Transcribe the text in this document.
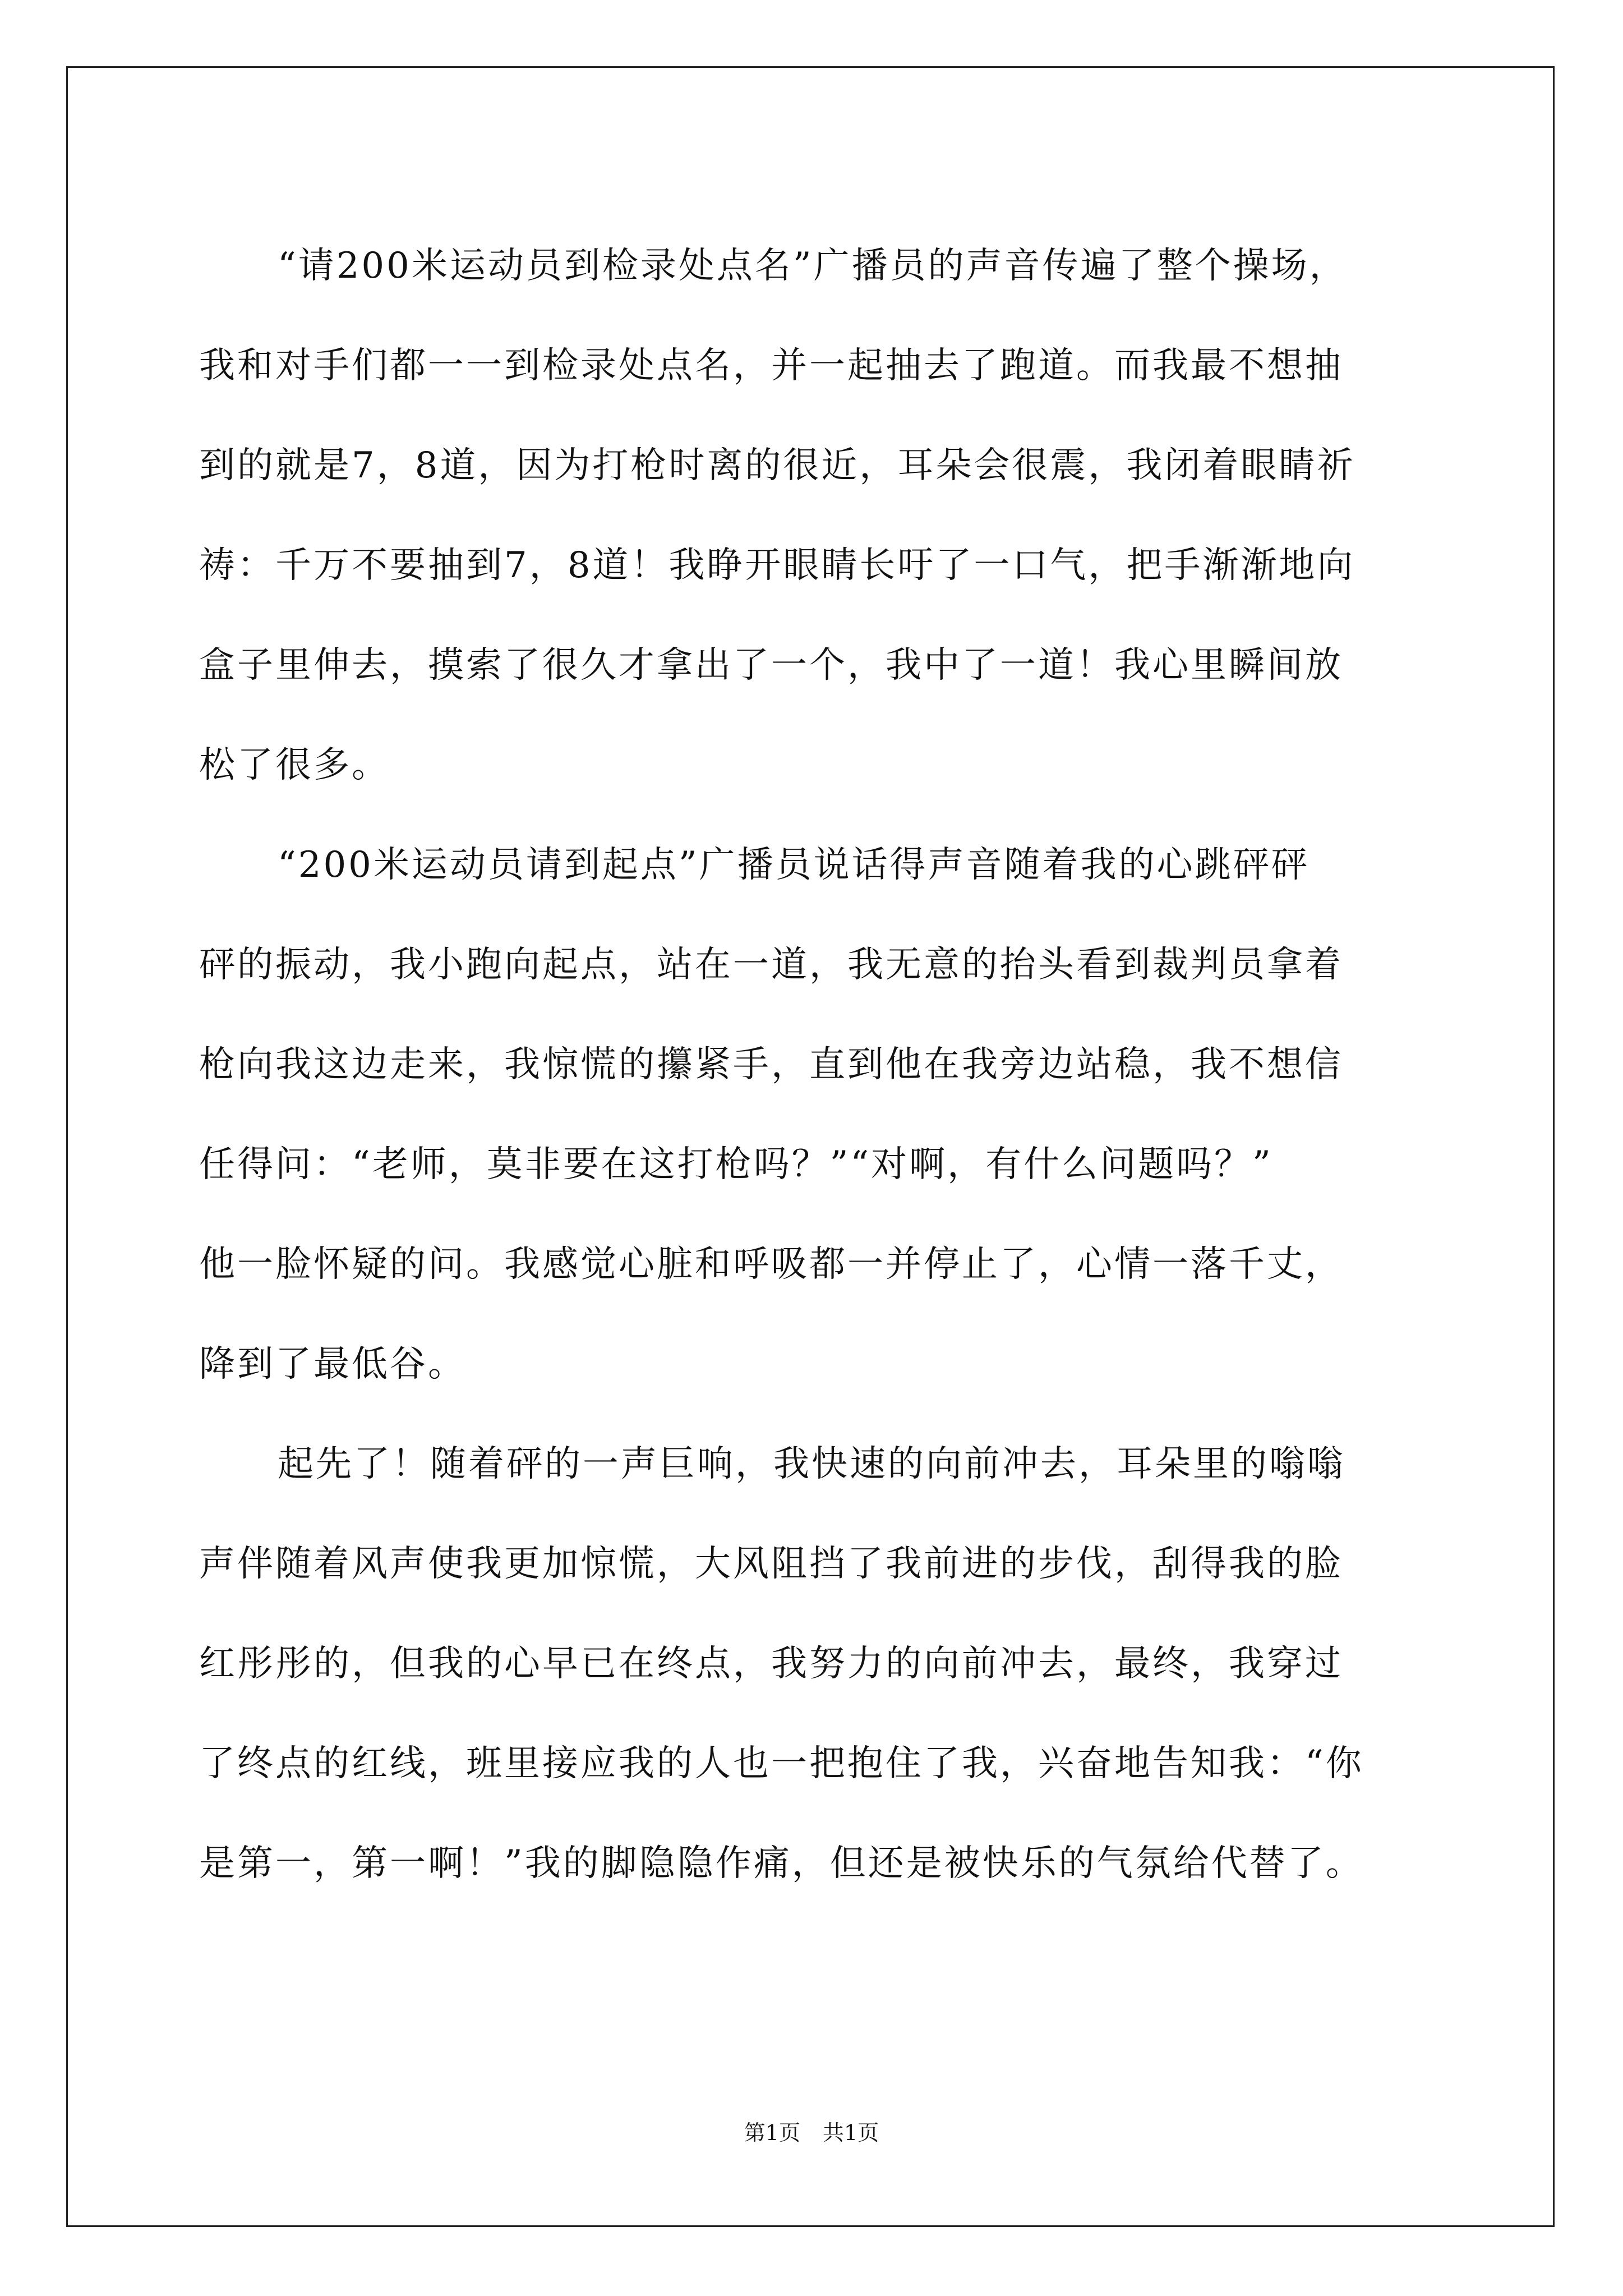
“请200米运动员到检录处点名”广播员的声音传遍了整个操场，
我和对手们都一一到检录处点名，并一起抽去了跑道。而我最不想抽
到的就是7，8道，因为打枪时离的很近，耳朵会很震，我闭着眼睛祈
祷：千万不要抽到7，8道！我睁开眼睛长吁了一口气，把手渐渐地向
盒子里伸去，摸索了很久才拿出了一个，我中了一道！我心里瞬间放
松了很多。
“200米运动员请到起点”广播员说话得声音随着我的心跳砰砰
砰的振动，我小跑向起点，站在一道，我无意的抬头看到裁判员拿着
枪向我这边走来，我惊慌的攥紧手，直到他在我旁边站稳，我不想信
任得问：“老师，莫非要在这打枪吗？”“对啊，有什么问题吗？”
他一脸怀疑的问。我感觉心脏和呼吸都一并停止了，心情一落千丈，
降到了最低谷。
起先了！随着砰的一声巨响，我快速的向前冲去，耳朵里的嗡嗡
声伴随着风声使我更加惊慌，大风阻挡了我前进的步伐，刮得我的脸
红彤彤的，但我的心早已在终点，我努力的向前冲去，最终，我穿过
了终点的红线，班里接应我的人也一把抱住了我，兴奋地告知我：“你
是第一，第一啊！”我的脚隐隐作痛，但还是被快乐的气氛给代替了。
第1页 共1页
